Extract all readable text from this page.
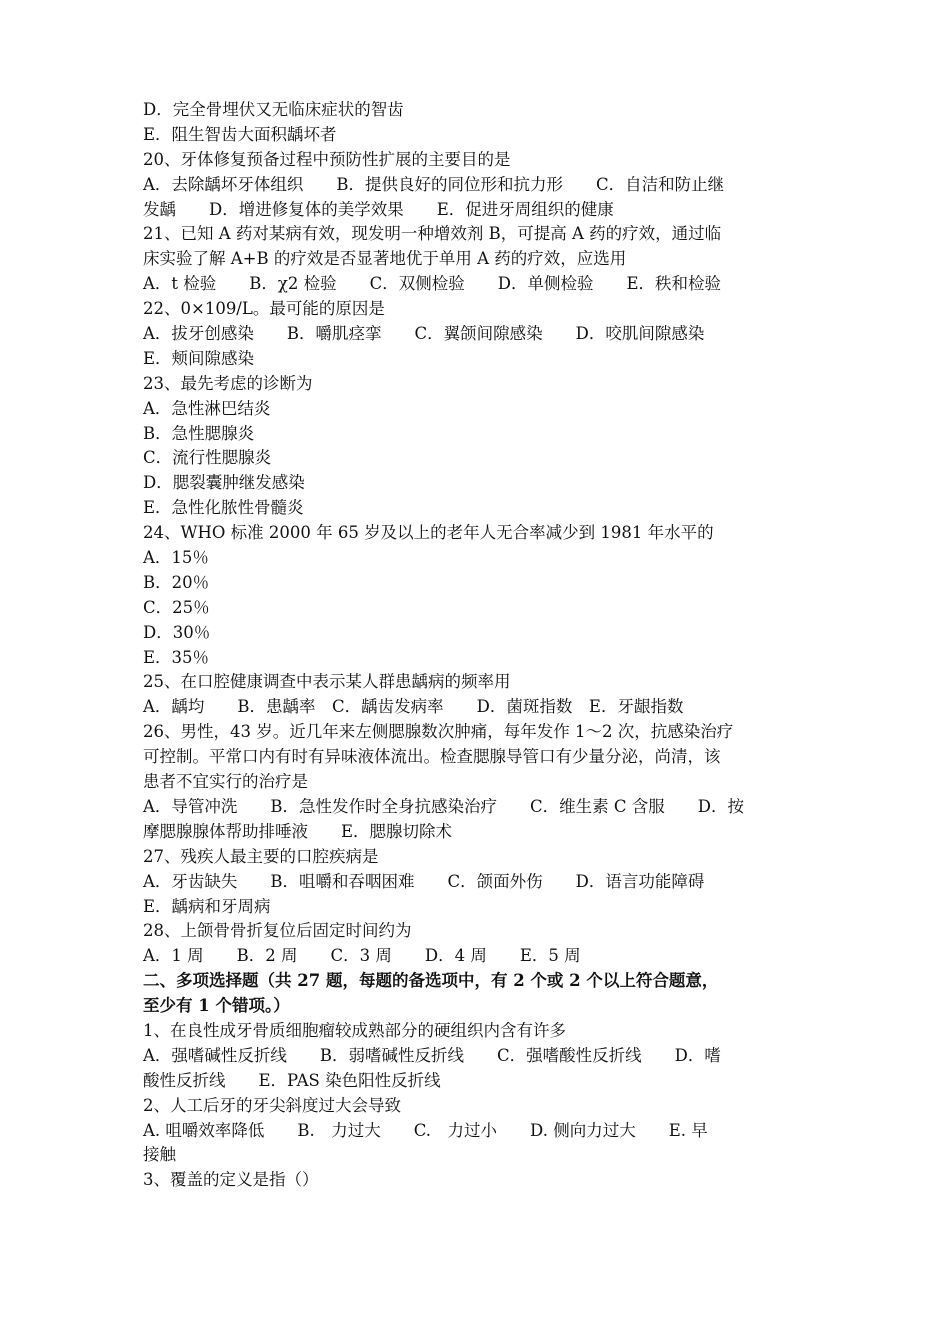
D．完全骨埋伏又无临床症状的智齿
E．阻生智齿大面积龋坏者
20、牙体修复预备过程中预防性扩展的主要目的是
A．去除龋坏牙体组织　　B．提供良好的同位形和抗力形　　C．自洁和防止继
发龋　　D．增进修复体的美学效果　　E．促进牙周组织的健康
21、已知 A 药对某病有效，现发明一种增效剂 B，可提高 A 药的疗效，通过临
床实验了解 A+B 的疗效是否显著地优于单用 A 药的疗效，应选用
A．t 检验　　B．χ2 检验　　C．双侧检验　　D．单侧检验　　E．秩和检验
22、0×109/L。最可能的原因是
A．拔牙创感染　　B．嚼肌痉挛　　C．翼颌间隙感染　　D．咬肌间隙感染
E．颊间隙感染
23、最先考虑的诊断为
A．急性淋巴结炎
B．急性腮腺炎
C．流行性腮腺炎
D．腮裂囊肿继发感染
E．急性化脓性骨髓炎
24、WHO 标准 2000 年 65 岁及以上的老年人无合率减少到 1981 年水平的
A．15％
B．20％
C．25％
D．30％
E．35％
25、在口腔健康调查中表示某人群患龋病的频率用
A．龋均　　B．患龋率　C．龋齿发病率　　D．菌斑指数　E．牙龈指数
26、男性，43 岁。近几年来左侧腮腺数次肿痛，每年发作 1～2 次，抗感染治疗
可控制。平常口内有时有异味液体流出。检查腮腺导管口有少量分泌，尚清，该
患者不宜实行的治疗是
A．导管冲洗　　B．急性发作时全身抗感染治疗　　C．维生素 C 含服　　D．按
摩腮腺腺体帮助排唾液　　E．腮腺切除术
27、残疾人最主要的口腔疾病是
A．牙齿缺失　　B．咀嚼和吞咽困难　　C．颌面外伤　　D．语言功能障碍
E．龋病和牙周病
28、上颌骨骨折复位后固定时间约为
A．1 周　　B．2 周　　C．3 周　　D．4 周　　E．5 周
二、多项选择题（共 27 题，每题的备选项中，有 2 个或 2 个以上符合题意，
至少有 1 个错项。）
1、在良性成牙骨质细胞瘤较成熟部分的硬组织内含有许多
A．强嗜碱性反折线　　B．弱嗜碱性反折线　　C．强嗜酸性反折线　　D．嗜
酸性反折线　　E．PAS 染色阳性反折线
2、人工后牙的牙尖斜度过大会导致
A. 咀嚼效率降低　　B.　力过大　　C.　力过小　　D. 侧向力过大　　E. 早
接触
3、覆盖的定义是指（）
